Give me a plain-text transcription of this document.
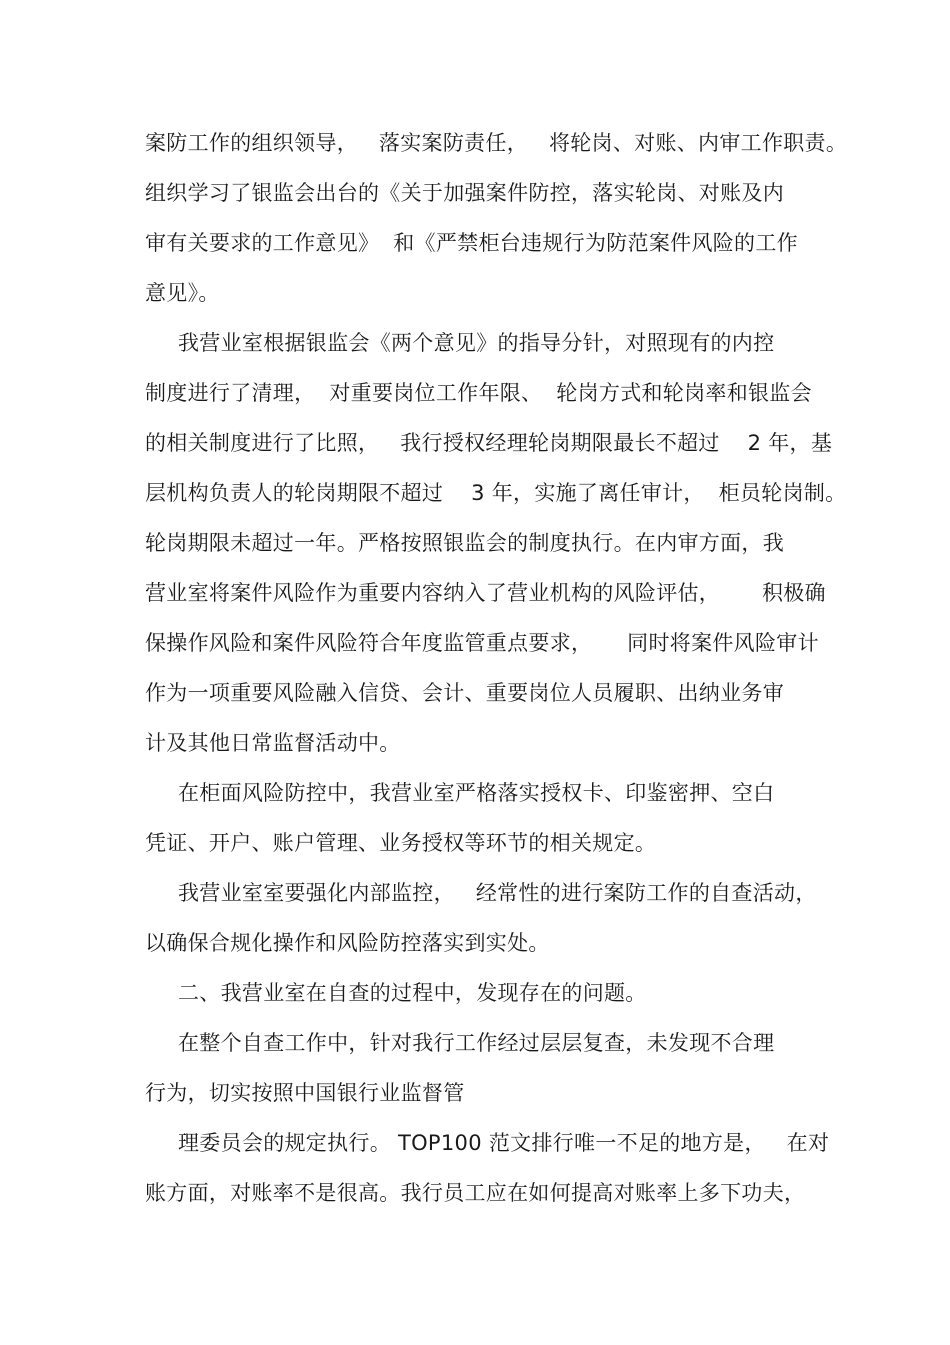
案防工作的组织领导，   落实案防责任，   将轮岗、对账、内审工作职责。

组织学习了银监会出台的《关于加强案件防控，落实轮岗、对账及内

审有关要求的工作意见》  和《严禁柜台违规行为防范案件风险的工作

意见》。

我营业室根据银监会《两个意见》的指导分针，对照现有的内控

制度进行了清理，  对重要岗位工作年限、  轮岗方式和轮岗率和银监会

的相关制度进行了比照，   我行授权经理轮岗期限最长不超过    2 年，基

层机构负责人的轮岗期限不超过    3 年，实施了离任审计，  柜员轮岗制。

轮岗期限未超过一年。严格按照银监会的制度执行。在内审方面，我

营业室将案件风险作为重要内容纳入了营业机构的风险评估，      积极确

保操作风险和案件风险符合年度监管重点要求，     同时将案件风险审计

作为一项重要风险融入信贷、会计、重要岗位人员履职、出纳业务审

计及其他日常监督活动中。

在柜面风险防控中，我营业室严格落实授权卡、印鉴密押、空白

凭证、开户、账户管理、业务授权等环节的相关规定。

我营业室室要强化内部监控，   经常性的进行案防工作的自查活动，

以确保合规化操作和风险防控落实到实处。

二、我营业室在自查的过程中，发现存在的问题。

在整个自查工作中，针对我行工作经过层层复查，未发现不合理

行为，切实按照中国银行业监督管

理委员会的规定执行。 TOP100 范文排行唯一不足的地方是，   在对

账方面，对账率不是很高。我行员工应在如何提高对账率上多下功夫，
